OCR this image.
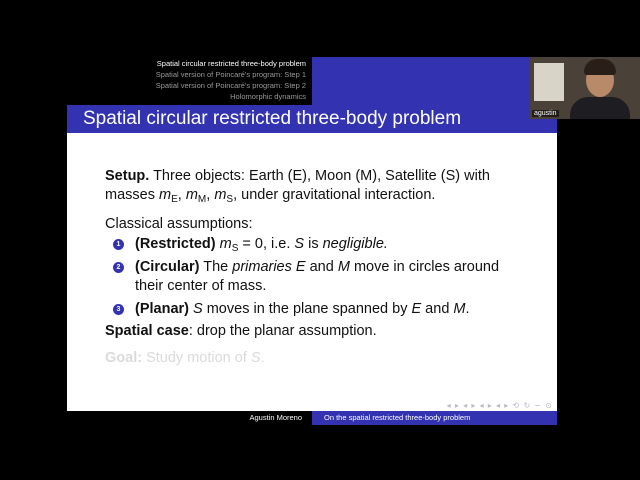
Spatial circular restricted three-body problem
Spatial version of Poincaré's program: Step 1
Spatial version of Poincaré's program: Step 2
Holomorphic dynamics
Spatial circular restricted three-body problem
Setup. Three objects: Earth (E), Moon (M), Satellite (S) with
masses $m_E$, $m_M$, $m_S$, under gravitational interaction.
Classical assumptions:
1 (Restricted) $m_S = 0$, i.e. S is negligible.
2 (Circular) The primaries E and M move in circles around
their center of mass.
3 (Planar) S moves in the plane spanned by E and M.
Spatial case: drop the planar assumption.
Goal: Study motion of S.
◂ ▸ ◂ ▸ ◂ ▸ ◂ ▸ ⟲ ↻ ∽ ⊙
Agustin Moreno	On the spatial restricted three-body problem
agustin
